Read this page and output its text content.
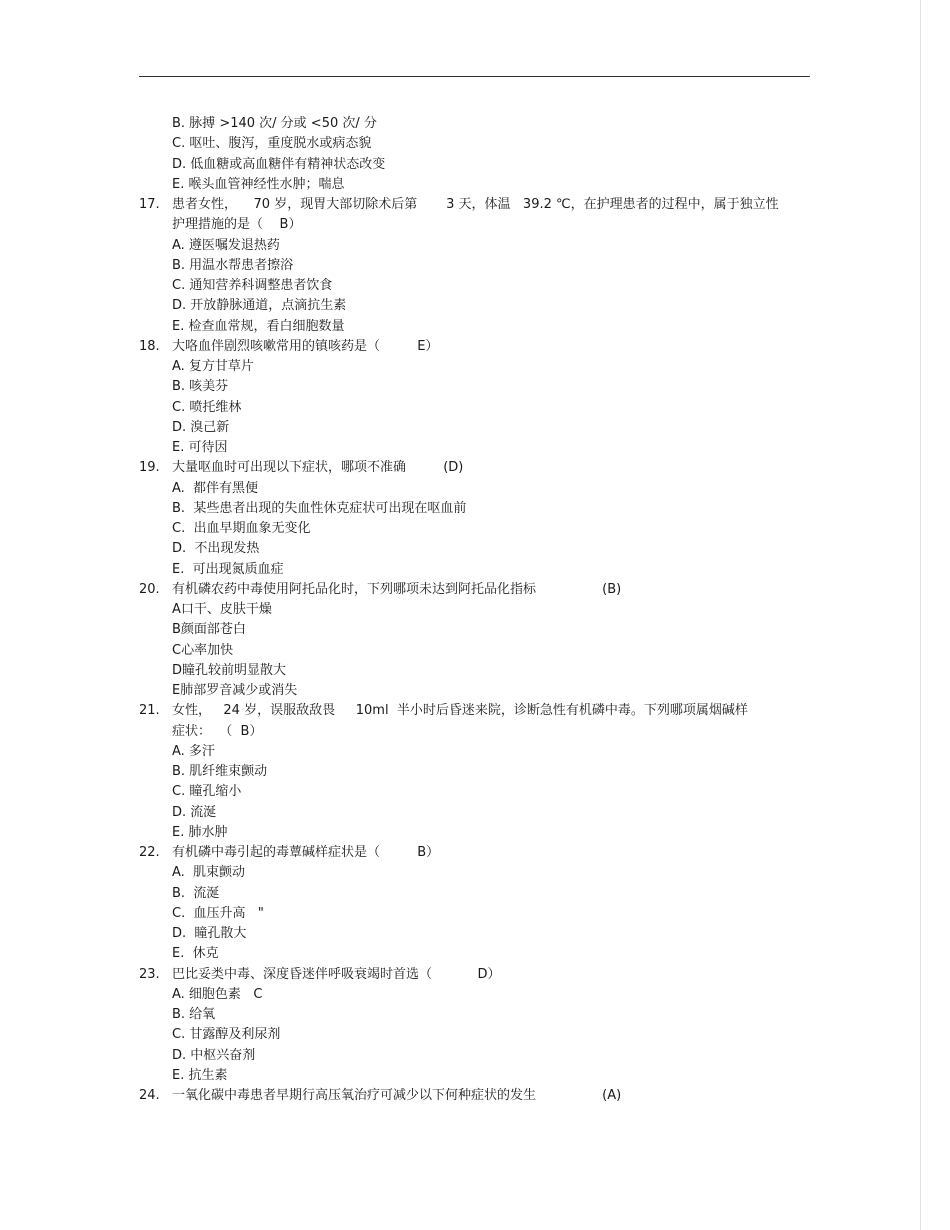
B. 脉搏 >140 次/ 分或 <50 次/ 分
C. 呕吐、腹泻，重度脱水或病态貌
D. 低血糖或高血糖伴有精神状态改变
E. 喉头血管神经性水肿；喘息
17. 患者女性，    70 岁，现胃大部切除术后第       3 天，体温   39.2 ℃，在护理患者的过程中，属于独立性
护理措施的是（    B）
A. 遵医嘱发退热药
B. 用温水帮患者擦浴
C. 通知营养科调整患者饮食
D. 开放静脉通道，点滴抗生素
E. 检查血常规，看白细胞数量
18. 大咯血伴剧烈咳嗽常用的镇咳药是（         E）
A. 复方甘草片
B. 咳美芬
C. 喷托维林
D. 溴己新
E. 可待因
19. 大量呕血时可出现以下症状，哪项不准确         (D)
A.  都伴有黑便
B.  某些患者出现的失血性休克症状可出现在呕血前
C.  出血早期血象无变化
D.  不出现发热
E.  可出现氮质血症
20. 有机磷农药中毒使用阿托品化时，下列哪项未达到阿托品化指标                (B)
A口干、皮肤干燥
B颜面部苍白
C心率加快
D瞳孔较前明显散大
E肺部罗音减少或消失
21. 女性，   24 岁，误服敌敌畏     10ml  半小时后昏迷来院，诊断急性有机磷中毒。下列哪项属烟碱样
症状：  （  B）
A. 多汗
B. 肌纤维束颤动
C. 瞳孔缩小
D. 流涎
E. 肺水肿
22. 有机磷中毒引起的毒蕈碱样症状是（         B）
A.  肌束颤动
B.  流涎
C.  血压升高   "
D.  瞳孔散大
E.  休克
23. 巴比妥类中毒、深度昏迷伴呼吸衰竭时首选（           D）
A. 细胞色素   C
B. 给氧
C. 甘露醇及利尿剂
D. 中枢兴奋剂
E. 抗生素
24. 一氧化碳中毒患者早期行高压氧治疗可减少以下何种症状的发生                (A)
